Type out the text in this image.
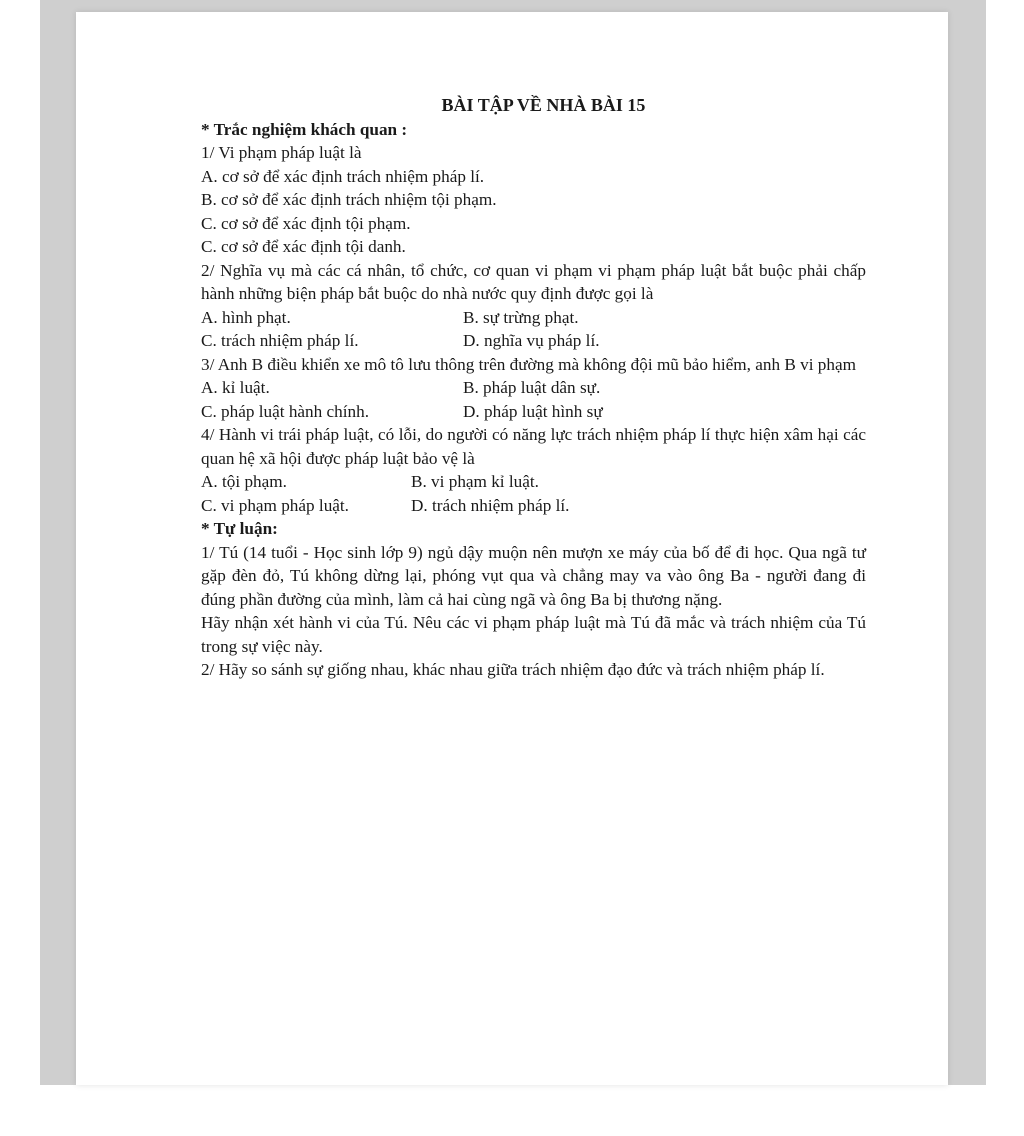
BÀI TẬP VỀ NHÀ BÀI 15
* Trắc nghiệm khách quan :
1/ Vi phạm pháp luật là
A. cơ sở để xác định trách nhiệm pháp lí.
B. cơ sở để xác định trách nhiệm tội phạm.
C. cơ sở để xác định tội phạm.
C. cơ sở để xác định tội danh.
2/ Nghĩa vụ mà các cá nhân, tổ chức, cơ quan vi phạm vi phạm pháp luật bắt buộc phải chấp hành những biện pháp bắt buộc do nhà nước quy định được gọi là
A. hình phạt.	B. sự trừng phạt.
C. trách nhiệm pháp lí.	D. nghĩa vụ pháp lí.
3/ Anh B điều khiển xe mô tô lưu thông trên đường mà không đội mũ bảo hiểm, anh B vi phạm
A. kỉ luật.	B. pháp luật dân sự.
C. pháp luật hành chính.	D. pháp luật hình sự
4/ Hành vi trái pháp luật, có lỗi, do người có năng lực trách nhiệm pháp lí thực hiện xâm hại các quan hệ xã hội được pháp luật bảo vệ là
A. tội phạm.	B. vi phạm kỉ luật.
C. vi phạm pháp luật.	D. trách nhiệm pháp lí.
* Tự luận:
1/ Tú (14 tuổi - Học sinh lớp 9) ngủ dậy muộn nên mượn xe máy của bố để đi học. Qua ngã tư gặp đèn đỏ, Tú không dừng lại, phóng vụt qua và chẳng may va vào ông Ba - người đang đi đúng phần đường của mình, làm cả hai cùng ngã và ông Ba bị thương nặng.
Hãy nhận xét hành vi của Tú. Nêu các vi phạm pháp luật mà Tú đã mắc và trách nhiệm của Tú trong sự việc này.
2/ Hãy so sánh sự giống nhau, khác nhau giữa trách nhiệm đạo đức và trách nhiệm pháp lí.
